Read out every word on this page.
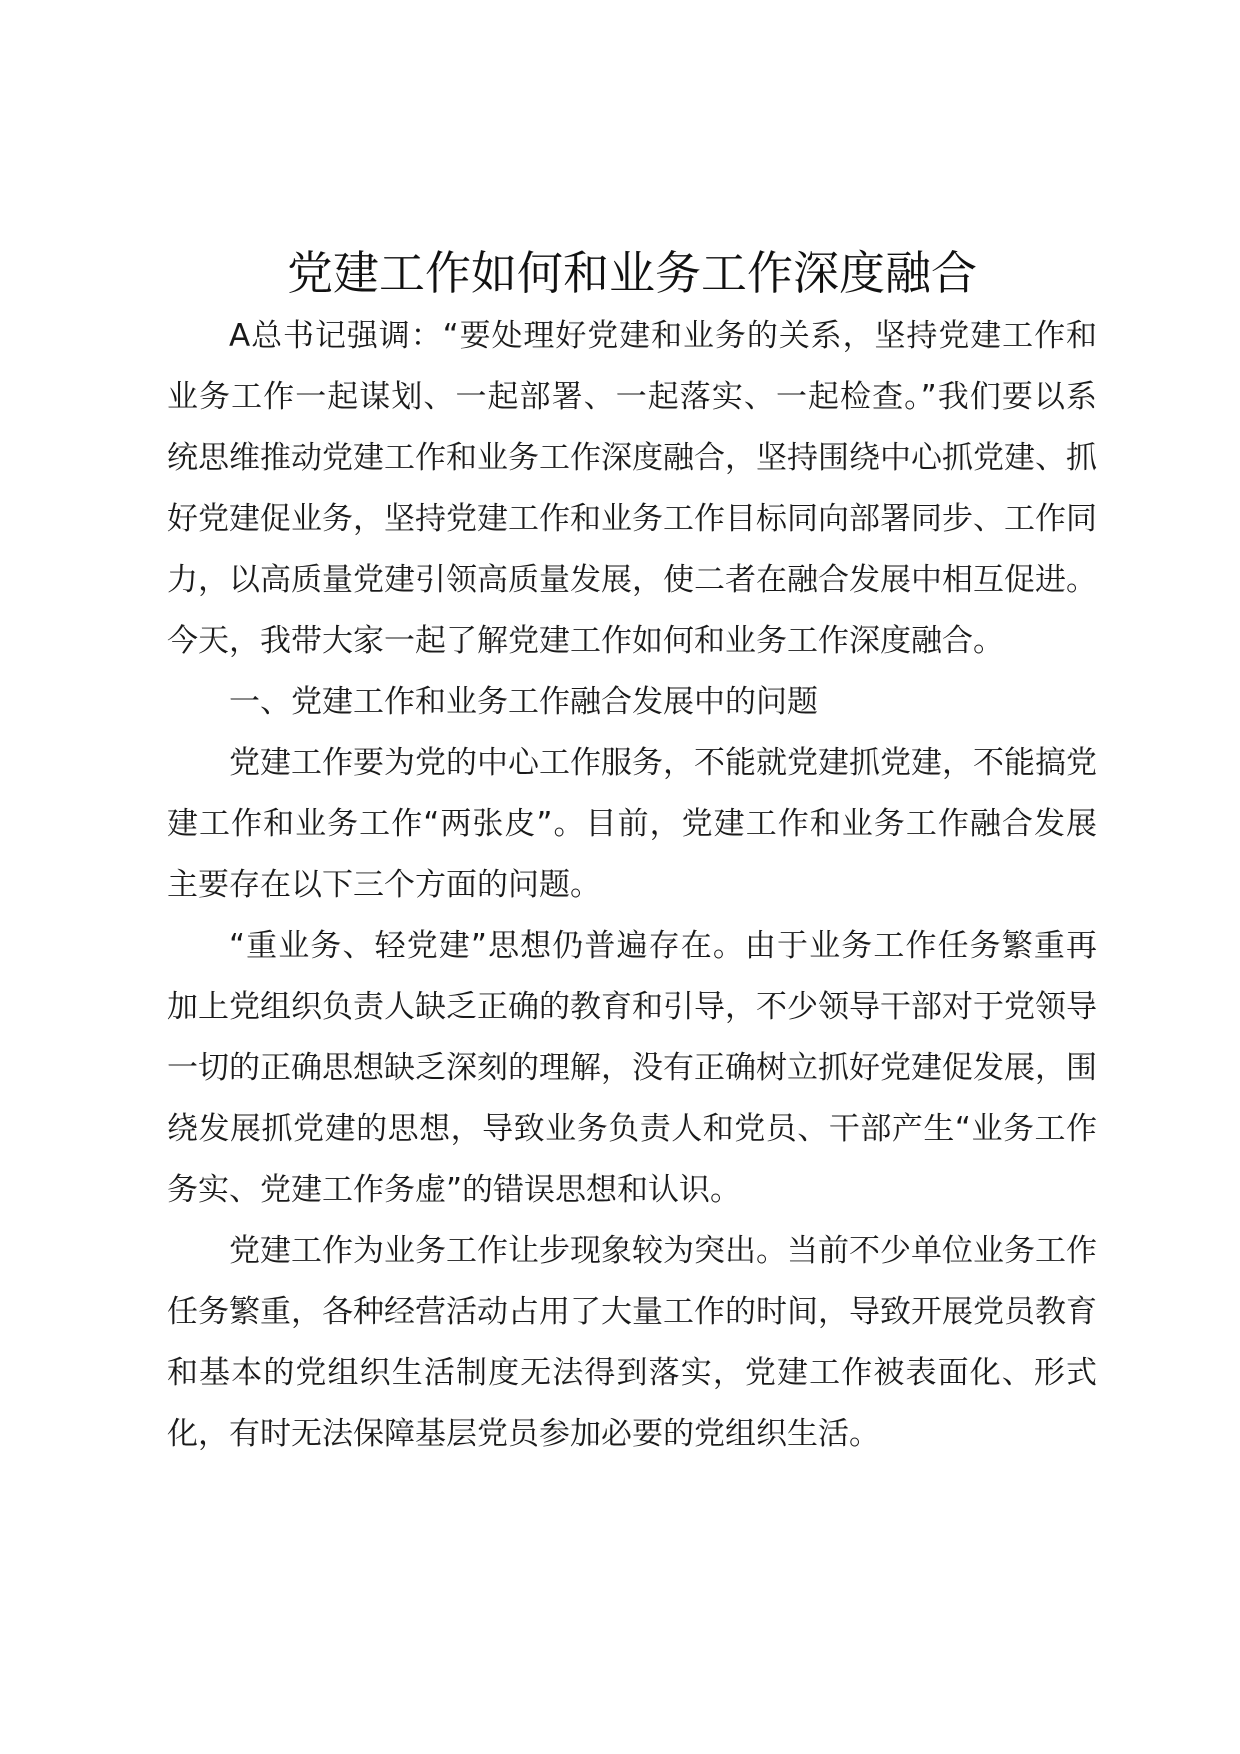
党建工作如何和业务工作深度融合

A总书记强调：“要处理好党建和业务的关系，坚持党建工作和业务工作一起谋划、一起部署、一起落实、一起检查。”我们要以系统思维推动党建工作和业务工作深度融合，坚持围绕中心抓党建、抓好党建促业务，坚持党建工作和业务工作目标同向部署同步、工作同力，以高质量党建引领高质量发展，使二者在融合发展中相互促进。今天，我带大家一起了解党建工作如何和业务工作深度融合。

一、党建工作和业务工作融合发展中的问题

党建工作要为党的中心工作服务，不能就党建抓党建，不能搞党建工作和业务工作“两张皮”。目前，党建工作和业务工作融合发展主要存在以下三个方面的问题。

“重业务、轻党建”思想仍普遍存在。由于业务工作任务繁重再加上党组织负责人缺乏正确的教育和引导，不少领导干部对于党领导一切的正确思想缺乏深刻的理解，没有正确树立抓好党建促发展，围绕发展抓党建的思想，导致业务负责人和党员、干部产生“业务工作务实、党建工作务虚”的错误思想和认识。

党建工作为业务工作让步现象较为突出。当前不少单位业务工作任务繁重，各种经营活动占用了大量工作的时间，导致开展党员教育和基本的党组织生活制度无法得到落实，党建工作被表面化、形式化，有时无法保障基层党员参加必要的党组织生活。
